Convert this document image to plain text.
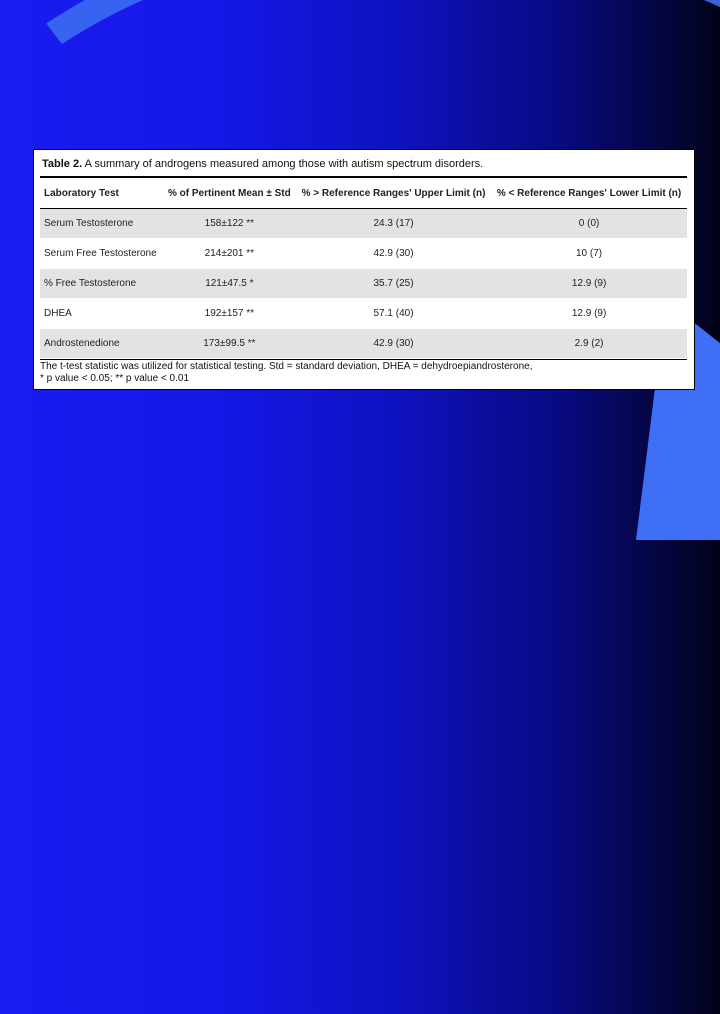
Table 2. A summary of androgens measured among those with autism spectrum disorders.
Laboratory Test	% of Pertinent Mean ± Std	% > Reference Ranges' Upper Limit (n)	% < Reference Ranges' Lower Limit (n)
Serum Testosterone	158±122 **	24.3 (17)	0 (0)
Serum Free Testosterone	214±201 **	42.9 (30)	10 (7)
% Free Testosterone	121±47.5 *	35.7 (25)	12.9 (9)
DHEA	192±157 **	57.1 (40)	12.9 (9)
Androstenedione	173±99.5 **	42.9 (30)	2.9 (2)
The t-test statistic was utilized for statistical testing. Std = standard deviation, DHEA = dehydroepiandrosterone,
* p value < 0.05; ** p value < 0.01
